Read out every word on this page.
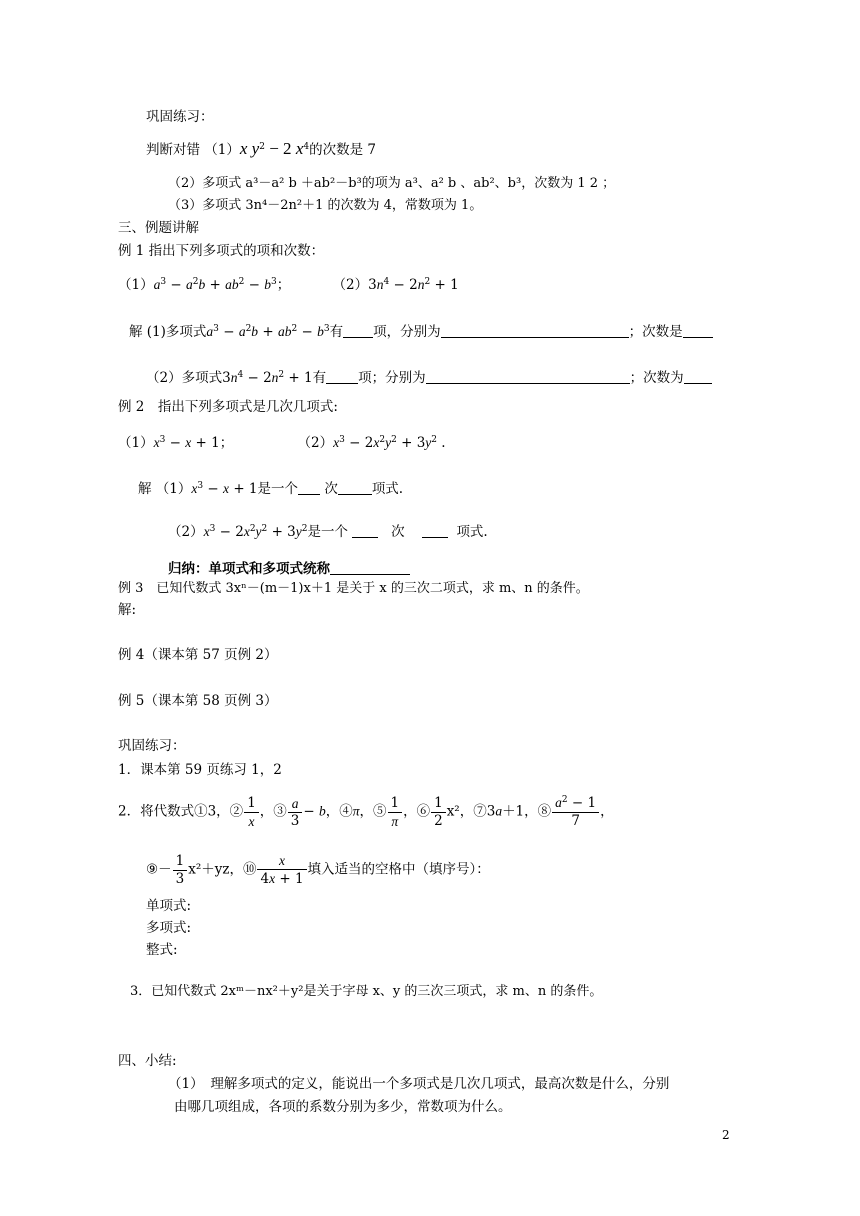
巩固练习：
判断对错 （1）x $y^2 - 2$ $x^4$的次数是 7
（2）多项式 a³－a² b ＋ab²－b³的项为 a³、a² b 、ab²、b³，次数为 1 2 ；
（3）多项式 3n⁴－2n²＋1 的次数为 4，常数项为 1。
三、例题讲解
例 1 指出下列多项式的项和次数：
$(1)a^3 - a^2b + ab^2 - b^3$；	$(2)3n^4 - 2n^2 + 1$
解 (1)多项式$a^3 - a^2b + ab^2 - b^3$有 项，分别为	；次数是
（2）多项式$3n^4 - 2n^2 + 1$有 项；分别为	；次数为
例 2　指出下列多项式是几次几项式:
$(1)x^3 - x + 1$；	$(2)x^3 - 2x^2y^2 + 3y^2$ .
解 $(1)x^3 - x + 1$是一个 次	项式.
$(2)x^3 - 2x^2y^2 + 3y^2$是一个	次	项式.
归纳：单项式和多项式统称
例 3　已知代数式 3xⁿ－(m－1)x＋1 是关于 x 的三次二项式，求 m、n 的条件。
解:
例 4（课本第 57 页例 2）
例 5（课本第 58 页例 3）
巩固练习：
1．课本第 59 页练习 1，2
2．将代数式①3，② $\frac{1}{x}$ ，③ $\frac{a}{3} - b$，④π，⑤ $\frac{1}{\pi}$ ，⑥ $\frac{1}{2} x^2$，⑦3a＋1，⑧ $\frac{a^2 - 1}{7}$ ，
⑨－ $\frac{1}{3} x^2+yz$，⑩ $\frac{x}{4x + 1}$ 填入适当的空格中（填序号）：
单项式:
多项式:
整式:
3．已知代数式 2xᵐ－nx²＋y²是关于字母 x、y 的三次三项式，求 m、n 的条件。
四、小结:
（1）　理解多项式的定义，能说出一个多项式是几次几项式，最高次数是什么，分别
由哪几项组成，各项的系数分别为多少，常数项为什么。
2
